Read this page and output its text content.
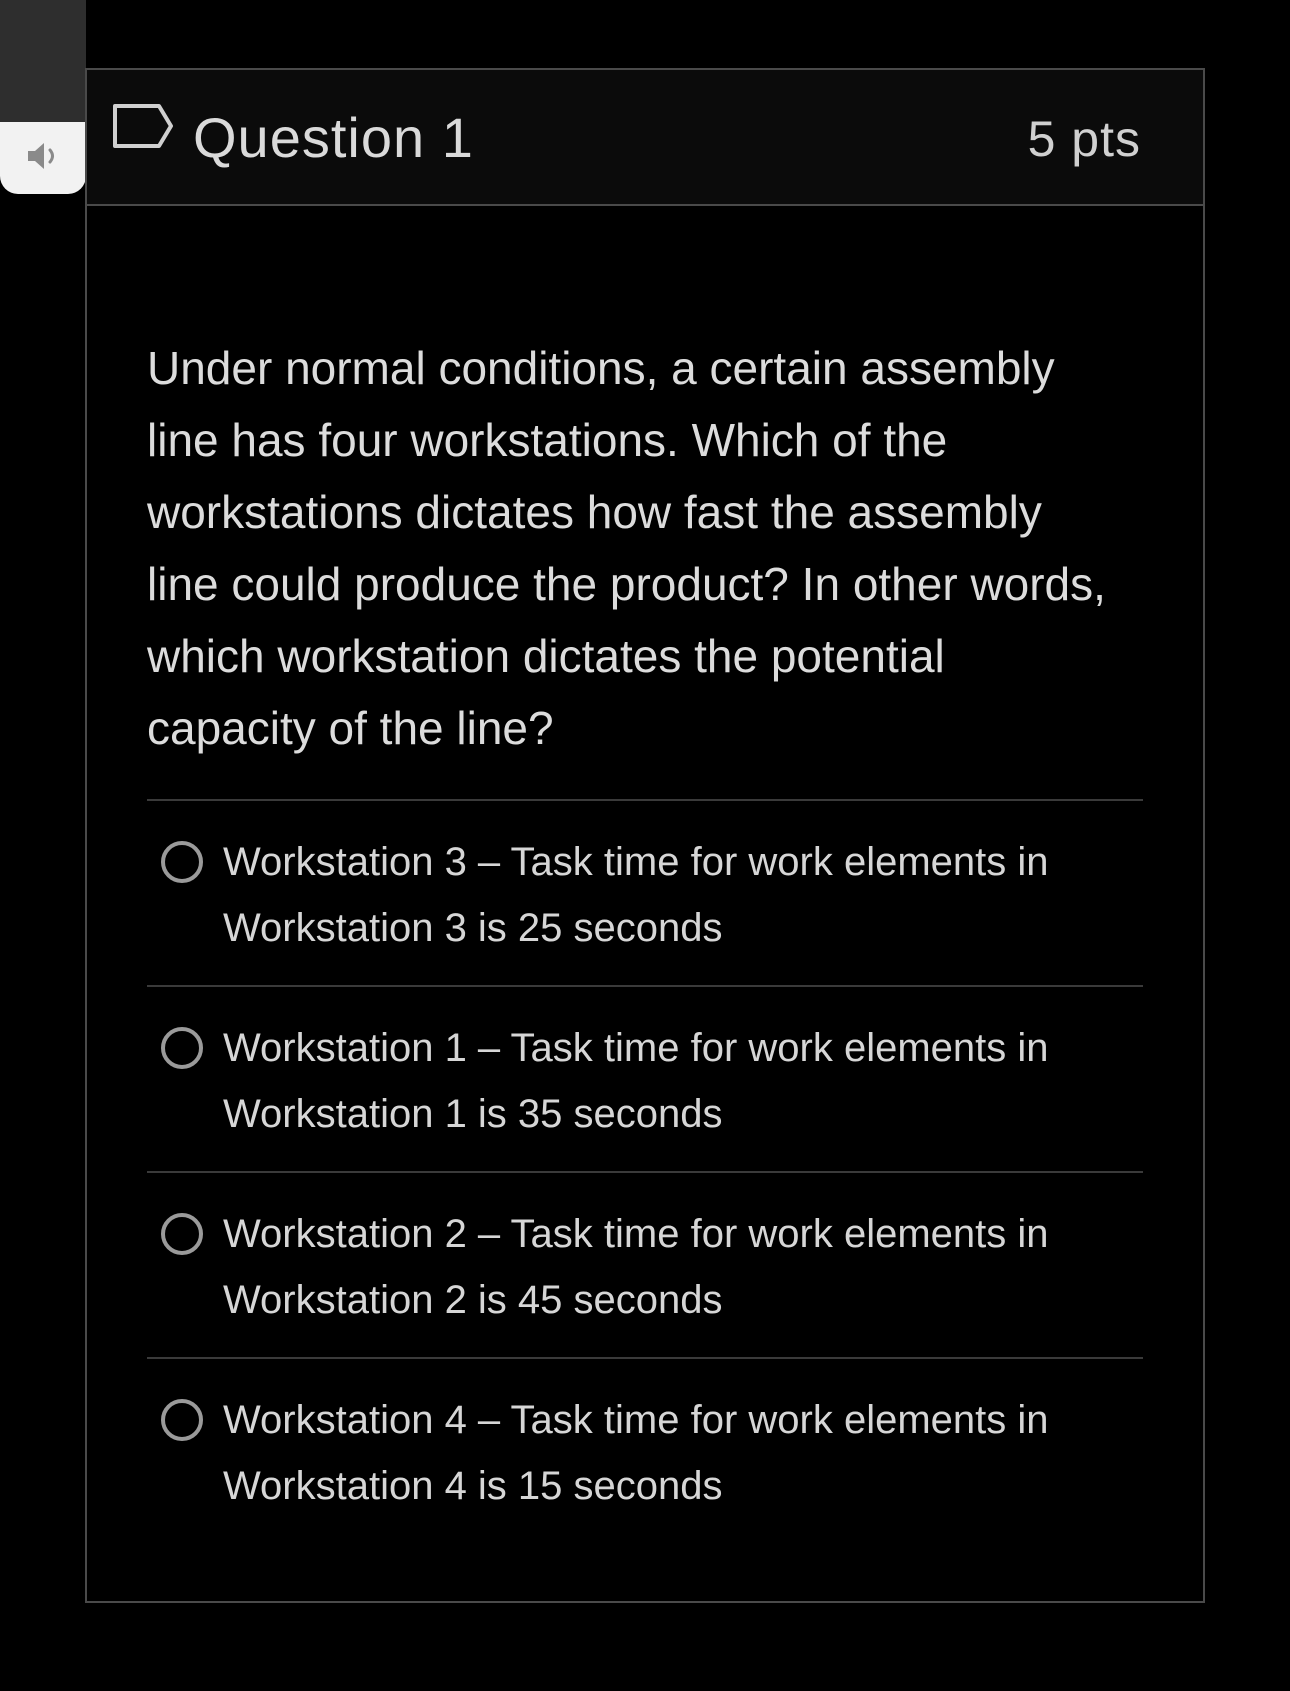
Question 1	5 pts
Under normal conditions, a certain assembly
line has four workstations. Which of the
workstations dictates how fast the assembly
line could produce the product? In other words,
which workstation dictates the potential
capacity of the line?
Workstation 3 – Task time for work elements in Workstation 3 is 25 seconds
Workstation 1 – Task time for work elements in Workstation 1 is 35 seconds
Workstation 2 – Task time for work elements in Workstation 2 is 45 seconds
Workstation 4 – Task time for work elements in Workstation 4 is 15 seconds
